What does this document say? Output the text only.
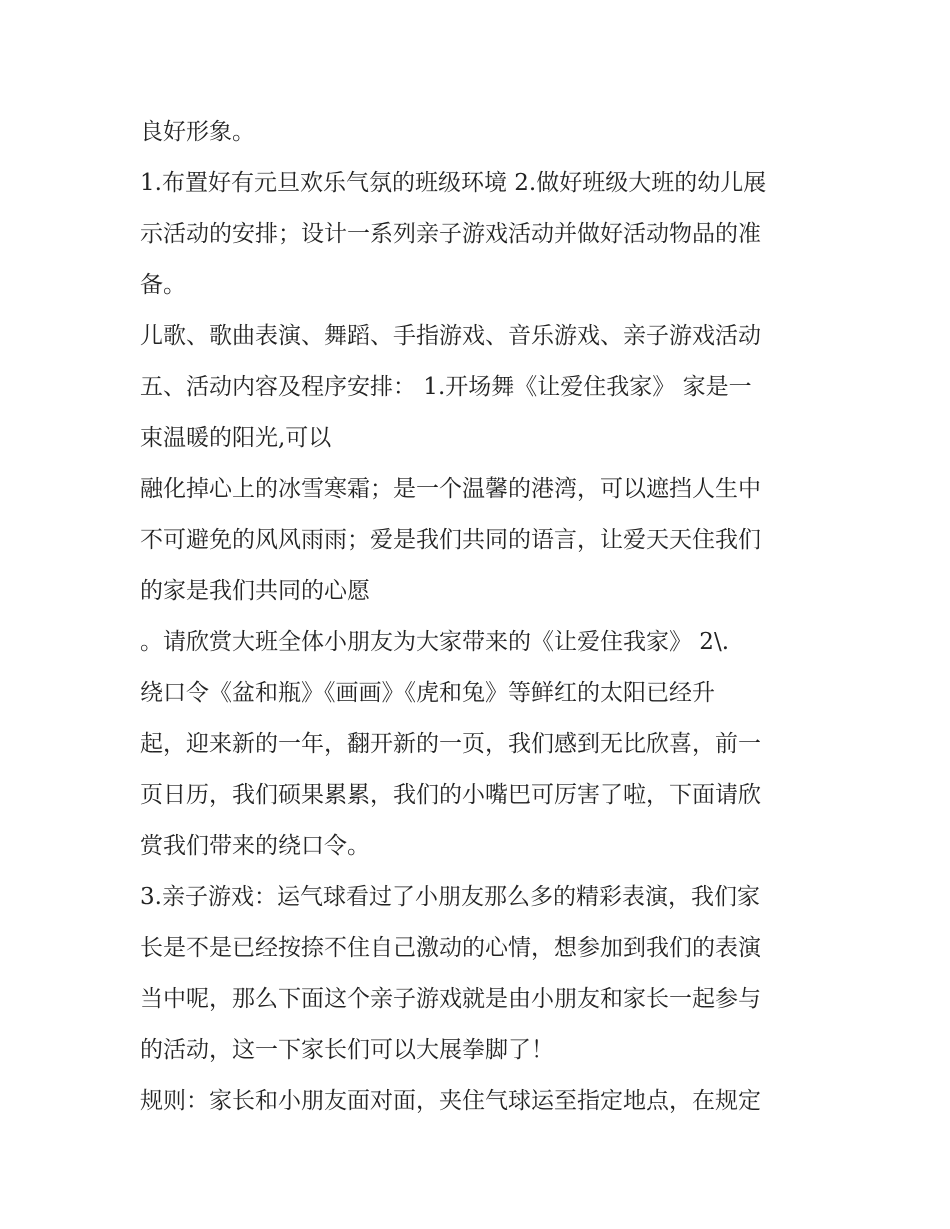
良好形象。
1.布置好有元旦欢乐气氛的班级环境 2.做好班级大班的幼儿展
示活动的安排；设计一系列亲子游戏活动并做好活动物品的准
备。
儿歌、歌曲表演、舞蹈、手指游戏、音乐游戏、亲子游戏活动
五、活动内容及程序安排： 1.开场舞《让爱住我家》 家是一
束温暖的阳光,可以
融化掉心上的冰雪寒霜；是一个温馨的港湾，可以遮挡人生中
不可避免的风风雨雨；爱是我们共同的语言，让爱天天住我们
的家是我们共同的心愿
。请欣赏大班全体小朋友为大家带来的《让爱住我家》 2\.
绕口令《盆和瓶》《画画》《虎和兔》等鲜红的太阳已经升
起，迎来新的一年，翻开新的一页，我们感到无比欣喜，前一
页日历，我们硕果累累，我们的小嘴巴可厉害了啦，下面请欣
赏我们带来的绕口令。
3.亲子游戏：运气球看过了小朋友那么多的精彩表演，我们家
长是不是已经按捺不住自己激动的心情，想参加到我们的表演
当中呢，那么下面这个亲子游戏就是由小朋友和家长一起参与
的活动，这一下家长们可以大展拳脚了！
规则：家长和小朋友面对面，夹住气球运至指定地点，在规定
